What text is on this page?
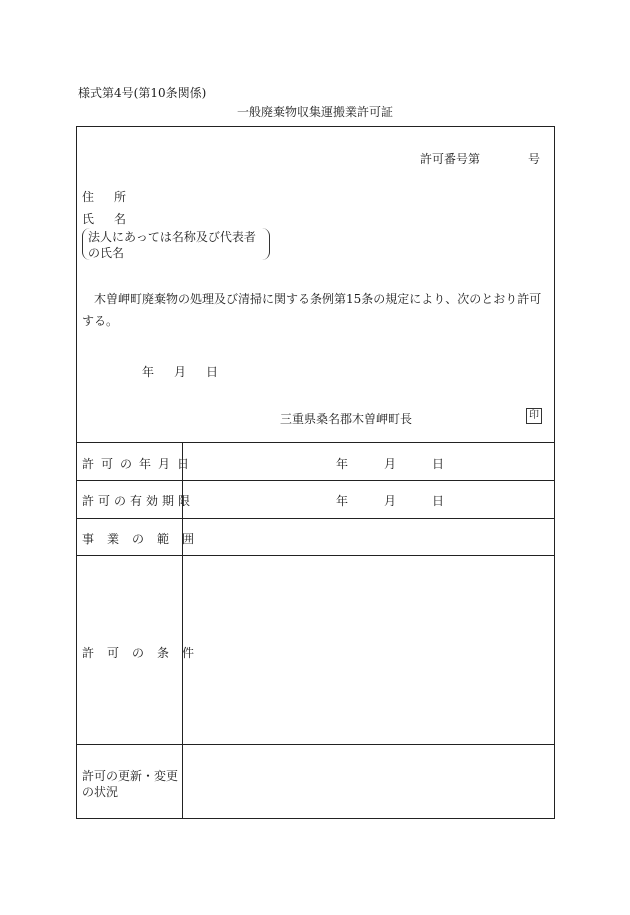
様式第4号(第10条関係)
一般廃棄物収集運搬業許可証
許可番号第	号
住所
氏名
法人にあっては名称及び代表者
の氏名
木曽岬町廃棄物の処理及び清掃に関する条例第15条の規定により、次のとおり許可する。
年 月 日
三重県桑名郡木曽岬町長	印
許可の年月日	年	月	日
許可の有効期限	年	月	日
事業の範囲
許可の条件
許可の更新・変更の状況
